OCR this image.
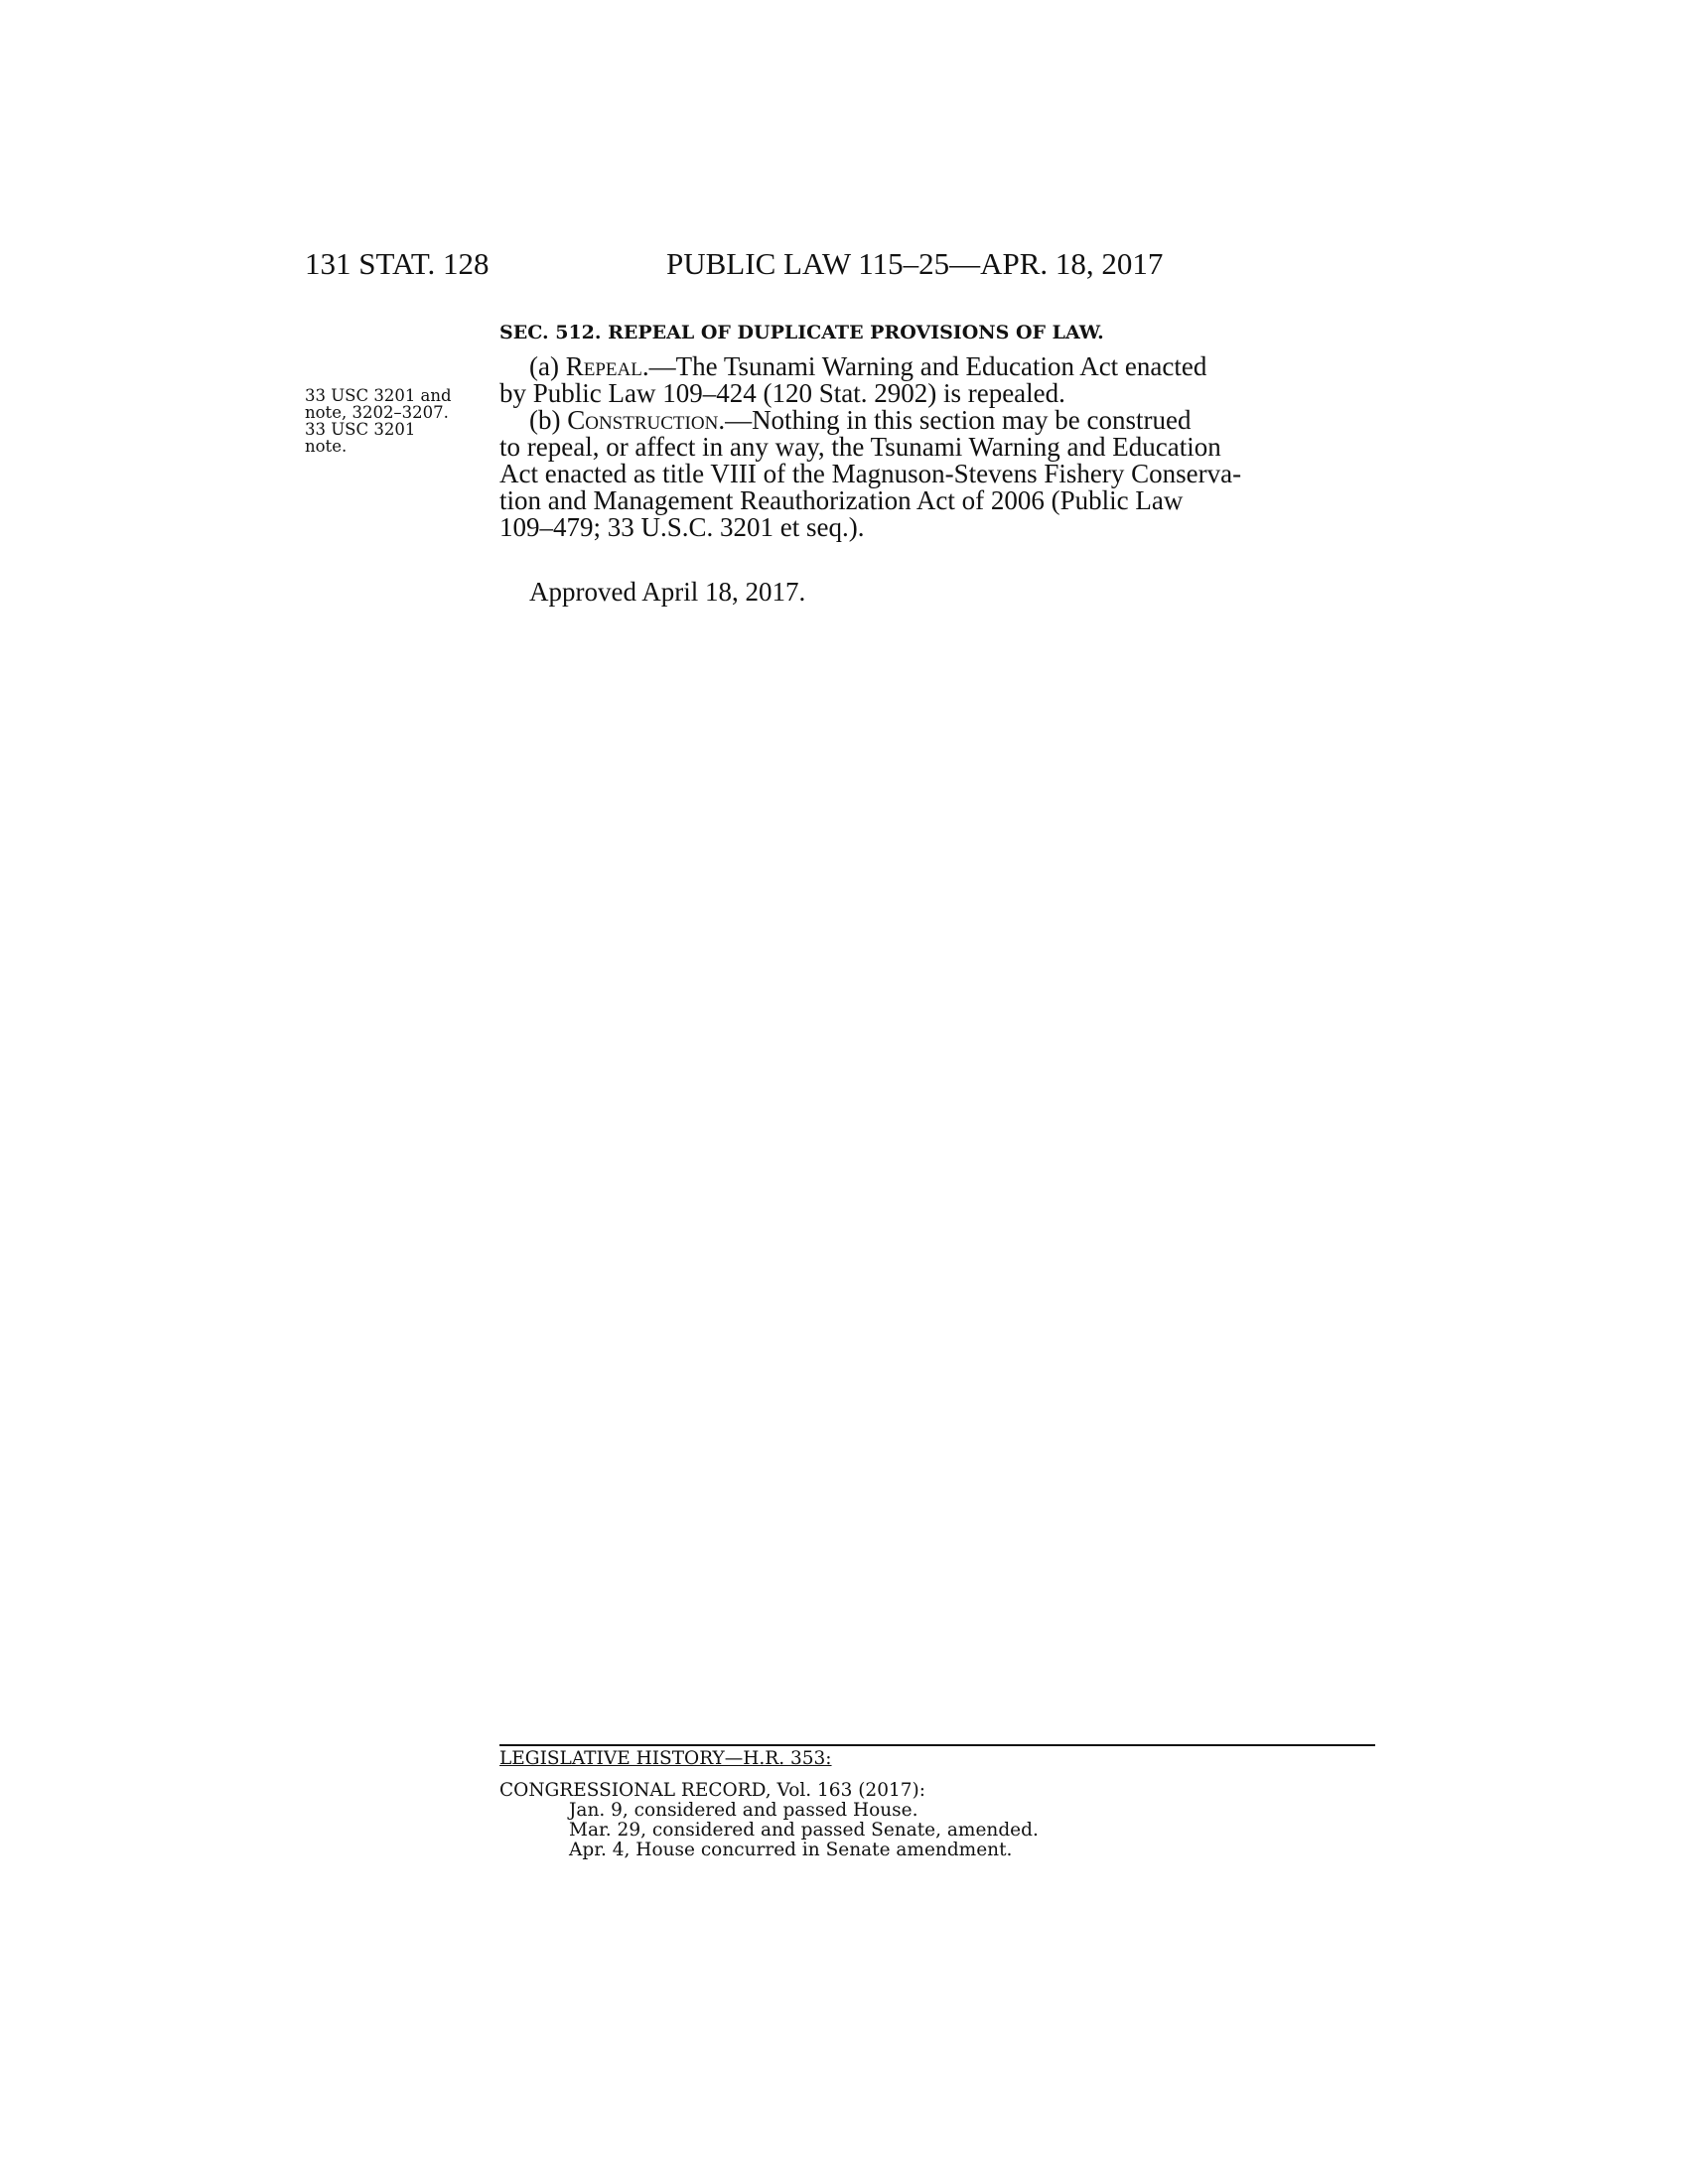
131 STAT. 128	PUBLIC LAW 115–25—APR. 18, 2017
SEC. 512. REPEAL OF DUPLICATE PROVISIONS OF LAW.
33 USC 3201 and
note, 3202–3207.
33 USC 3201
note.
(a) Repeal.—The Tsunami Warning and Education Act enacted
by Public Law 109–424 (120 Stat. 2902) is repealed.
(b) Construction.—Nothing in this section may be construed
to repeal, or affect in any way, the Tsunami Warning and Education
Act enacted as title VIII of the Magnuson-Stevens Fishery Conserva-
tion and Management Reauthorization Act of 2006 (Public Law
109–479; 33 U.S.C. 3201 et seq.).
Approved April 18, 2017.
LEGISLATIVE HISTORY—H.R. 353:
CONGRESSIONAL RECORD, Vol. 163 (2017):
Jan. 9, considered and passed House.
Mar. 29, considered and passed Senate, amended.
Apr. 4, House concurred in Senate amendment.
